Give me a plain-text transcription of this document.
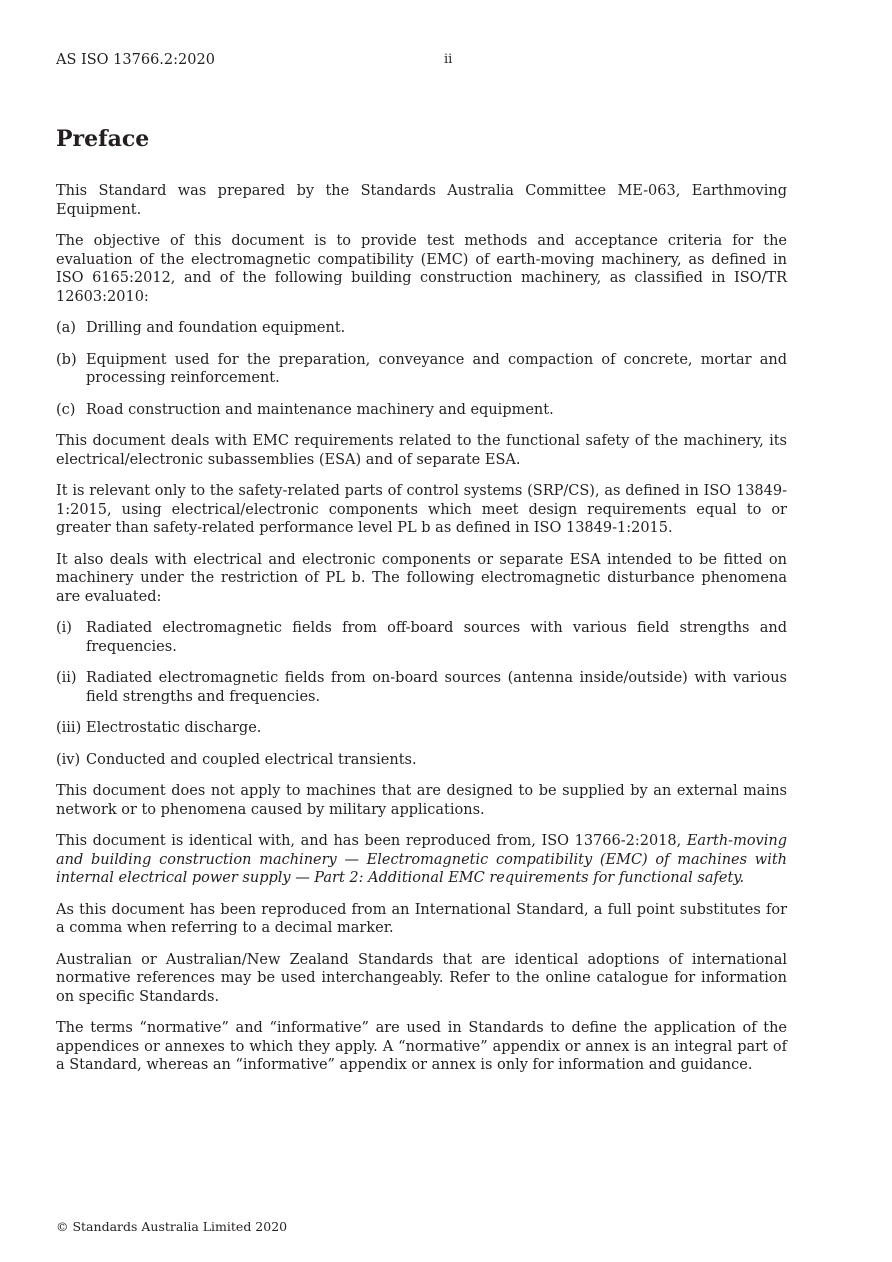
AS ISO 13766.2:2020	ii
Preface

This Standard was prepared by the Standards Australia Committee ME-063, Earthmoving Equipment.

The objective of this document is to provide test methods and acceptance criteria for the evaluation of the electromagnetic compatibility (EMC) of earth-moving machinery, as defined in ISO 6165:2012, and of the following building construction machinery, as classified in ISO/TR 12603:2010:

(a) Drilling and foundation equipment.
(b) Equipment used for the preparation, conveyance and compaction of concrete, mortar and processing reinforcement.
(c) Road construction and maintenance machinery and equipment.

This document deals with EMC requirements related to the functional safety of the machinery, its electrical/electronic subassemblies (ESA) and of separate ESA.

It is relevant only to the safety-related parts of control systems (SRP/CS), as defined in ISO 13849-1:2015, using electrical/electronic components which meet design requirements equal to or greater than safety-related performance level PL b as defined in ISO 13849-1:2015.

It also deals with electrical and electronic components or separate ESA intended to be fitted on machinery under the restriction of PL b. The following electromagnetic disturbance phenomena are evaluated:

(i) Radiated electromagnetic fields from off-board sources with various field strengths and frequencies.
(ii) Radiated electromagnetic fields from on-board sources (antenna inside/outside) with various field strengths and frequencies.
(iii) Electrostatic discharge.
(iv) Conducted and coupled electrical transients.

This document does not apply to machines that are designed to be supplied by an external mains network or to phenomena caused by military applications.

This document is identical with, and has been reproduced from, ISO 13766-2:2018, Earth-moving and building construction machinery — Electromagnetic compatibility (EMC) of machines with internal electrical power supply — Part 2: Additional EMC requirements for functional safety.

As this document has been reproduced from an International Standard, a full point substitutes for a comma when referring to a decimal marker.

Australian or Australian/New Zealand Standards that are identical adoptions of international normative references may be used interchangeably. Refer to the online catalogue for information on specific Standards.

The terms “normative” and “informative” are used in Standards to define the application of the appendices or annexes to which they apply. A “normative” appendix or annex is an integral part of a Standard, whereas an “informative” appendix or annex is only for information and guidance.

© Standards Australia Limited 2020
